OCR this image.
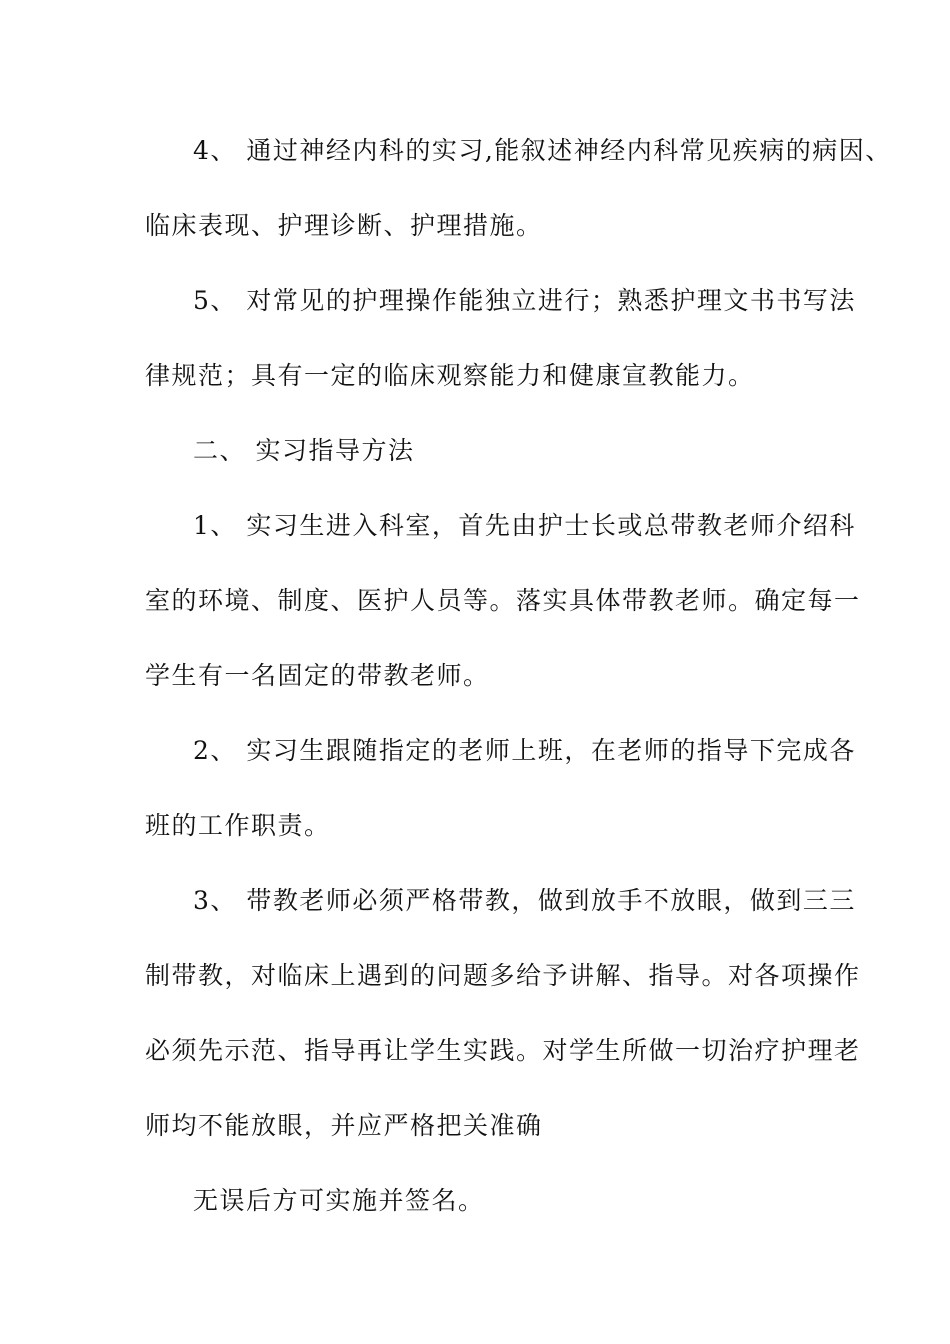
4、 通过神经内科的实习,能叙述神经内科常见疾病的病因、
临床表现、护理诊断、护理措施。
5、 对常见的护理操作能独立进行；熟悉护理文书书写法
律规范；具有一定的临床观察能力和健康宣教能力。
二、 实习指导方法
1、 实习生进入科室，首先由护士长或总带教老师介绍科
室的环境、制度、医护人员等。落实具体带教老师。确定每一
学生有一名固定的带教老师。
2、 实习生跟随指定的老师上班，在老师的指导下完成各
班的工作职责。
3、 带教老师必须严格带教，做到放手不放眼，做到三三
制带教，对临床上遇到的问题多给予讲解、指导。对各项操作
必须先示范、指导再让学生实践。对学生所做一切治疗护理老
师均不能放眼，并应严格把关准确
无误后方可实施并签名。
